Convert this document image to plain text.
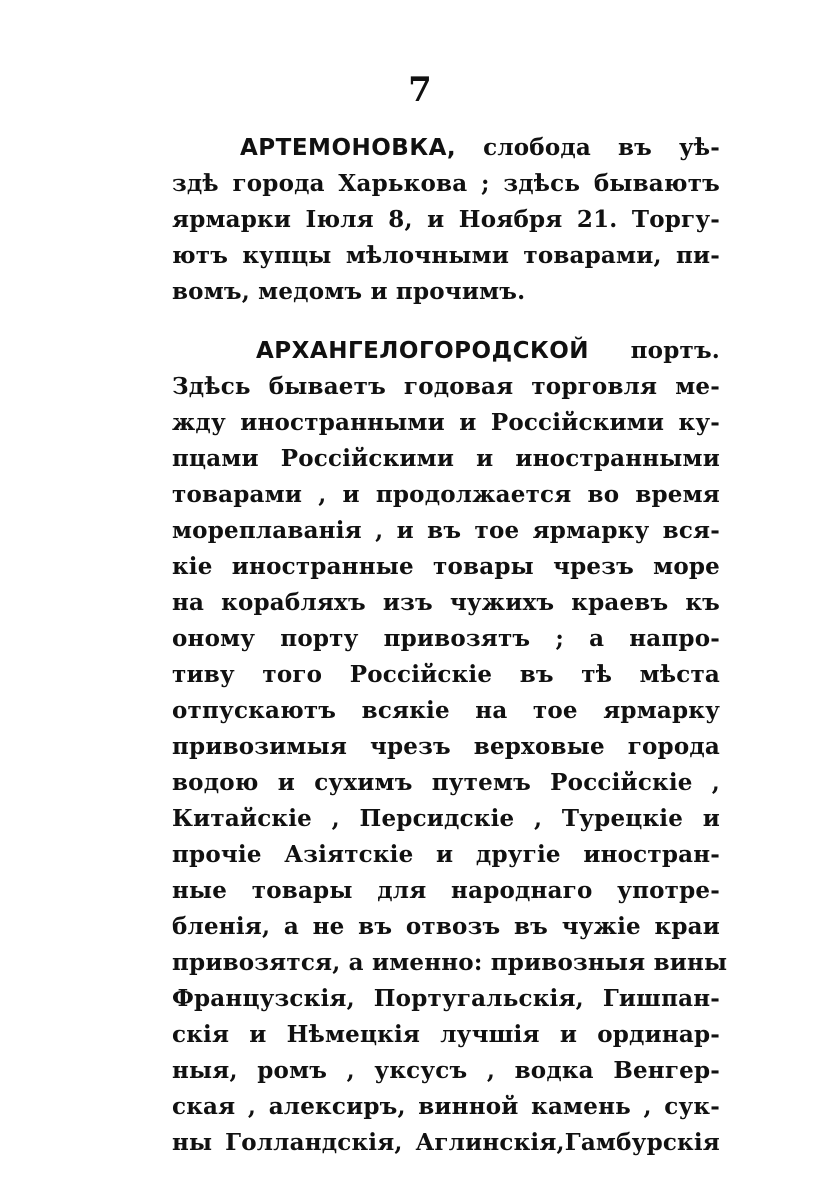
7
АРТЕМОНОВКА, слобода въ уѣ-
здѣ города Харькова ; здѣсь бываютъ
ярмарки Іюля 8, и Ноября 21. Торгу-
ютъ купцы мѣлочными товарами, пи-
вомъ, медомъ и прочимъ.
АРХАНГЕЛОГОРОДСКОЙ портъ.
Здѣсь бываетъ годовая торговля ме-
жду иностранными и Россійскими ку-
пцами Россійскими и иностранными
товарами , и продолжается во время
мореплаванія , и въ тое ярмарку вся-
кіе иностранные товары чрезъ море
на корабляхъ изъ чужихъ краевъ къ
оному порту привозятъ ; а напро-
тиву того Россійскіе въ тѣ мѣста
отпускаютъ всякіе на тое ярмарку
привозимыя чрезъ верховые города
водою и сухимъ путемъ Россійскіе ,
Китайскіе , Персидскіе , Турецкіе и
прочіе Азіятскіе и другіе иностран-
ные товары для народнаго употре-
бленія, а не въ отвозъ въ чужіе краи
привозятся, а именно: привозныя вины
Французскія, Португальскія, Гишпан-
скія и Нѣмецкія лучшія и ординар-
ныя, ромъ , уксусъ , водка Венгер-
ская , алексиръ, винной камень , сук-
ны Голландскія, Аглинскія,Гамбурскія
